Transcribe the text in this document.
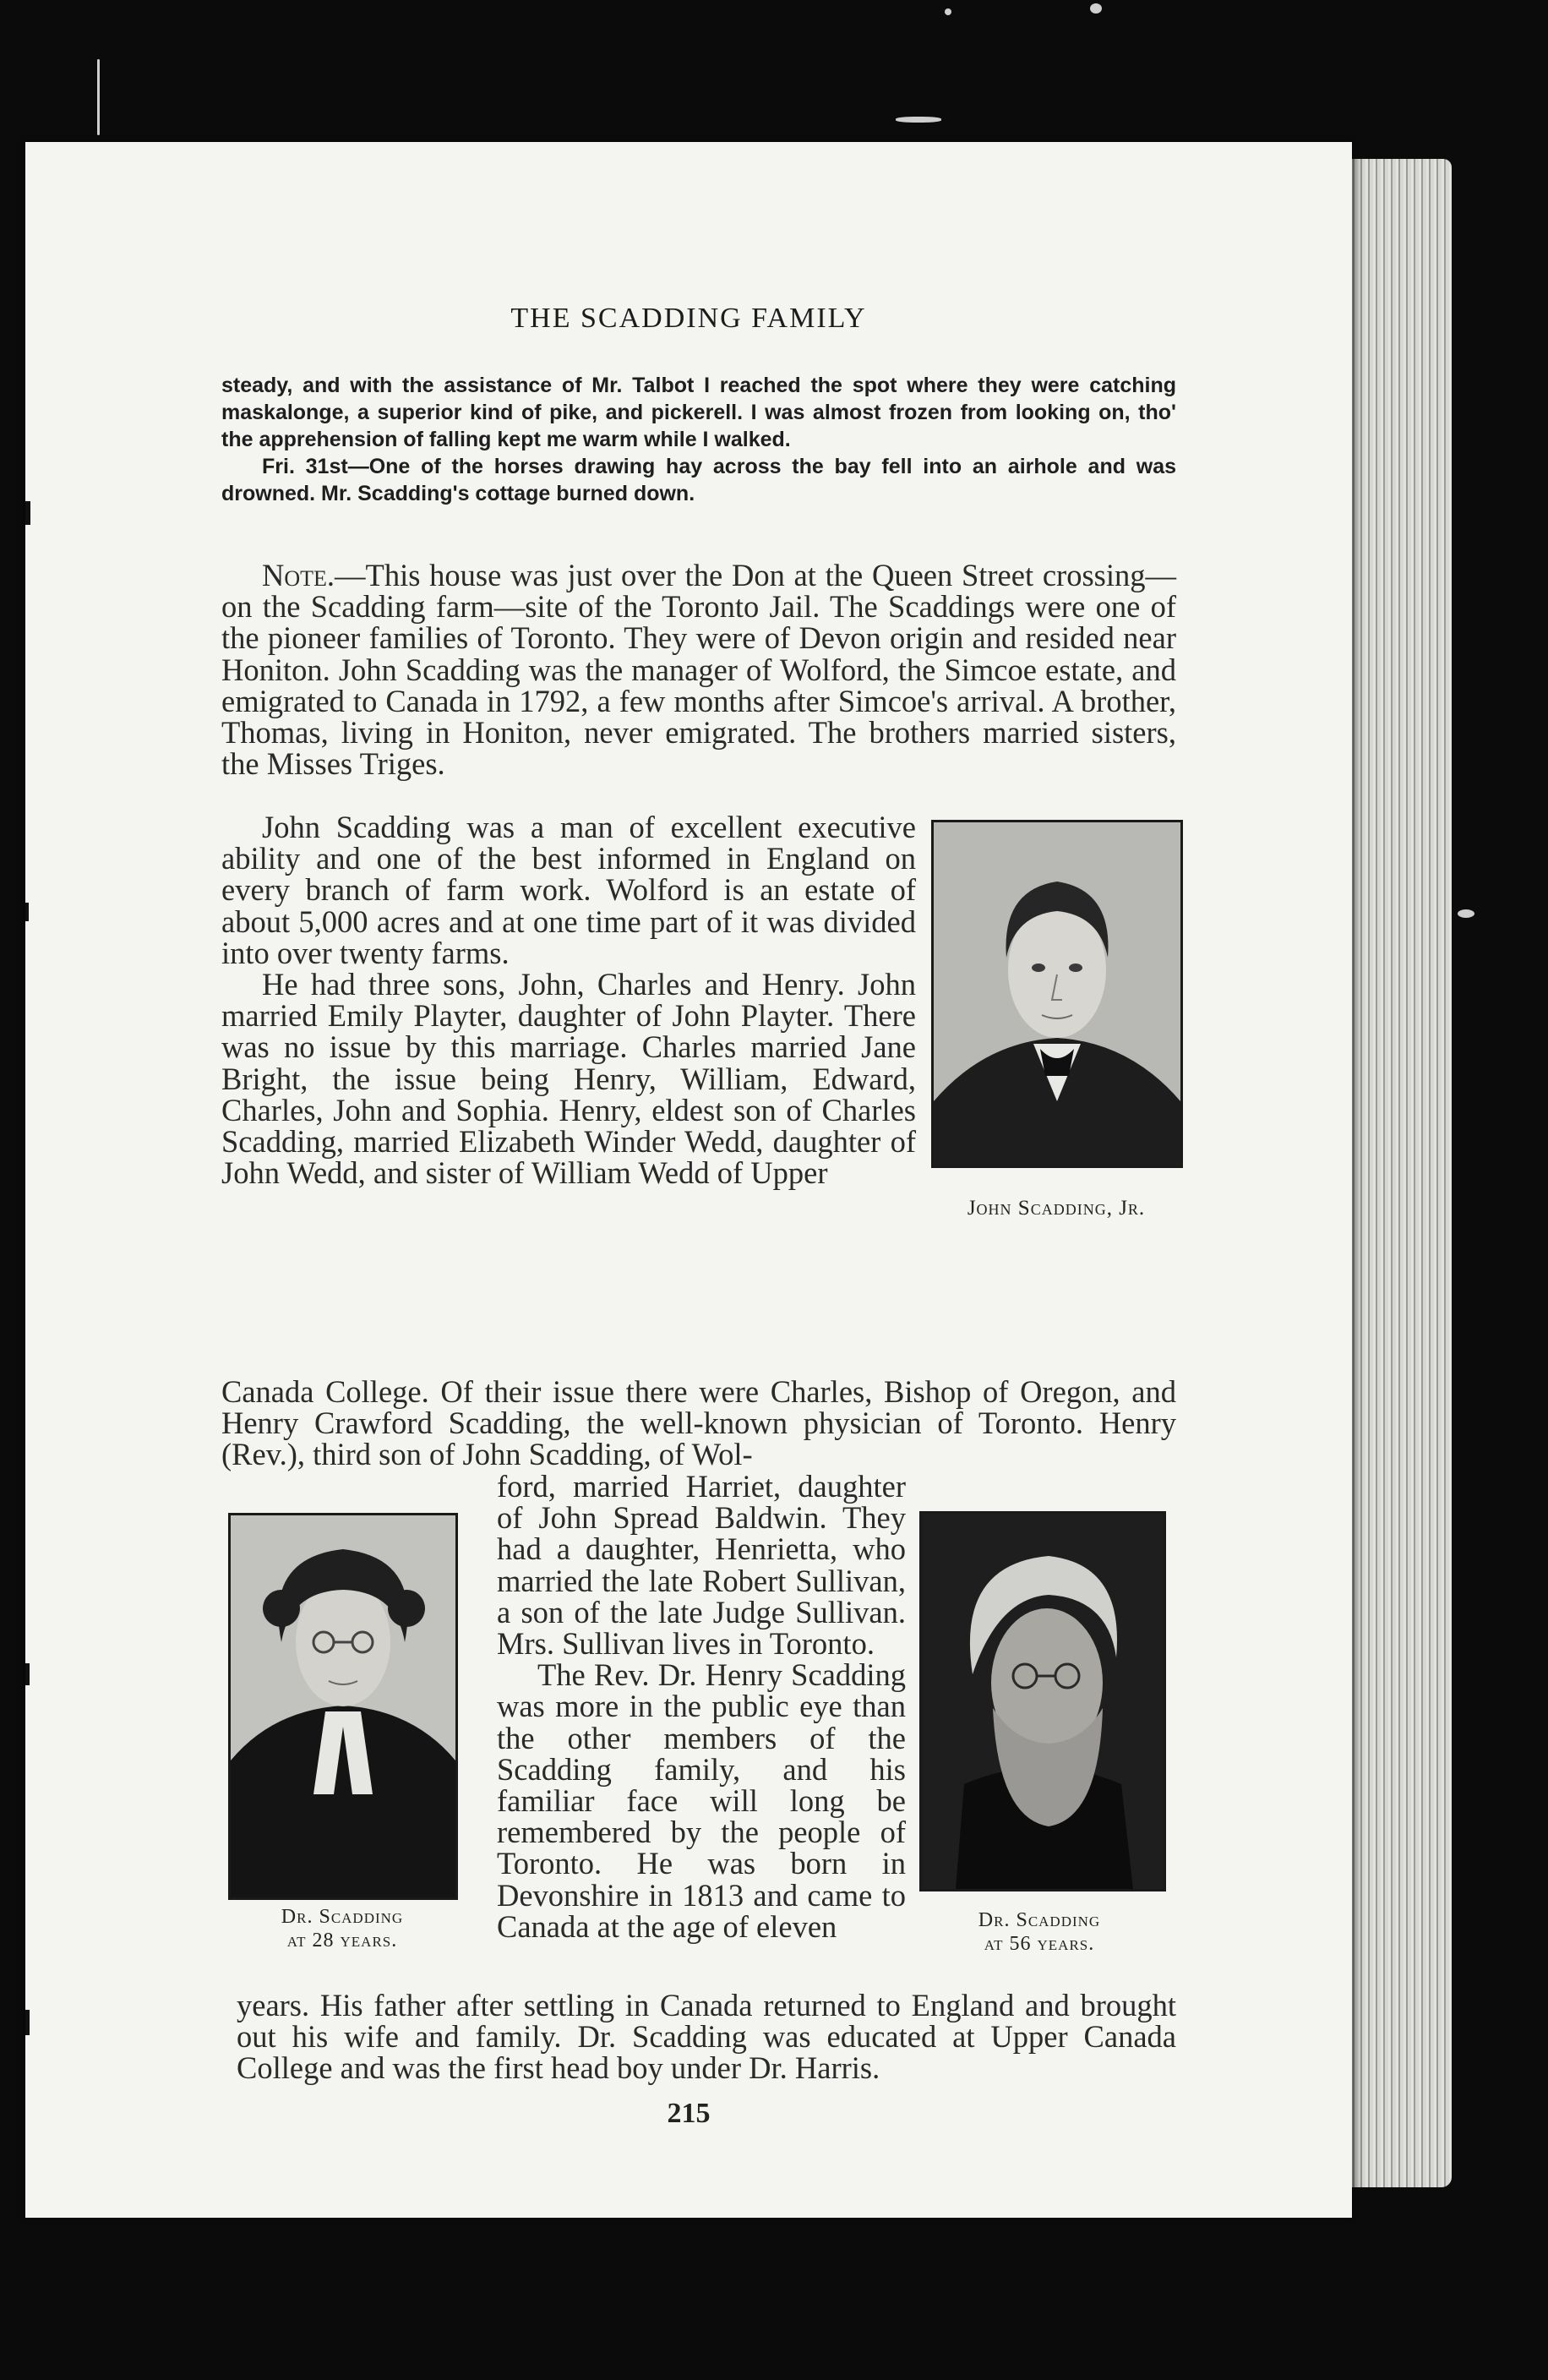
THE SCADDING FAMILY

steady, and with the assistance of Mr. Talbot I reached the spot where they were catching maskalonge, a superior kind of pike, and pickerell. I was almost frozen from looking on, tho' the apprehension of falling kept me warm while I walked.

Fri. 31st—One of the horses drawing hay across the bay fell into an airhole and was drowned. Mr. Scadding's cottage burned down.

Note.—This house was just over the Don at the Queen Street crossing—on the Scadding farm—site of the Toronto Jail. The Scaddings were one of the pioneer families of Toronto. They were of Devon origin and resided near Honiton. John Scadding was the manager of Wolford, the Simcoe estate, and emigrated to Canada in 1792, a few months after Simcoe's arrival. A brother, Thomas, living in Honiton, never emigrated. The brothers married sisters, the Misses Triges.

John Scadding was a man of excellent executive ability and one of the best informed in England on every branch of farm work. Wolford is an estate of about 5,000 acres and at one time part of it was divided into over twenty farms.

He had three sons, John, Charles and Henry. John married Emily Playter, daughter of John Playter. There was no issue by this marriage. Charles married Jane Bright, the issue being Henry, William, Edward, Charles, John and Sophia. Henry, eldest son of Charles Scadding, married Elizabeth Winder Wedd, daughter of John Wedd, and sister of William Wedd of Upper

John Scadding, Jr.

Canada College. Of their issue there were Charles, Bishop of Oregon, and Henry Crawford Scadding, the well-known physician of Toronto. Henry (Rev.), third son of John Scadding, of Wol-

Dr. Scadding
at 28 years.

ford, married Harriet, daughter of John Spread Baldwin. They had a daughter, Henrietta, who married the late Robert Sullivan, a son of the late Judge Sullivan. Mrs. Sullivan lives in Toronto.

The Rev. Dr. Henry Scadding was more in the public eye than the other members of the Scadding family, and his familiar face will long be remembered by the people of Toronto. He was born in Devonshire in 1813 and came to Canada at the age of eleven	Dr. Scadding
at 56 years.

years. His father after settling in Canada returned to England and brought out his wife and family. Dr. Scadding was educated at Upper Canada College and was the first head boy under Dr. Harris.

215
